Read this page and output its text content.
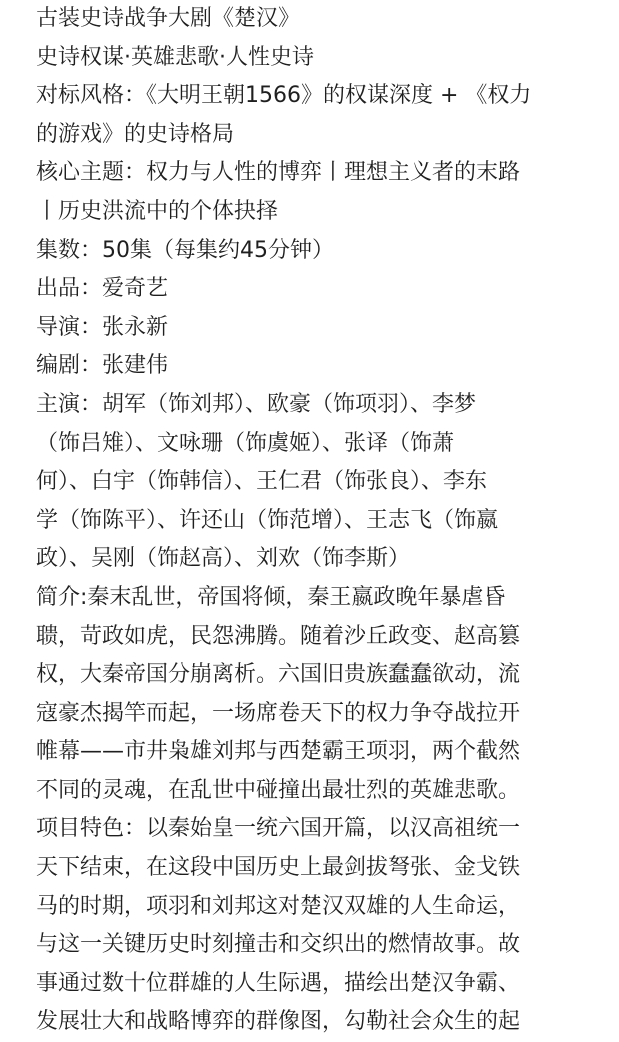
古装史诗战争大剧《楚汉》
史诗权谋·英雄悲歌·人性史诗
对标风格：《大明王朝1566》的权谋深度 + 《权力
的游戏》的史诗格局
核心主题：权力与人性的博弈丨理想主义者的末路
丨历史洪流中的个体抉择
集数：50集（每集约45分钟）
出品：爱奇艺
导演：张永新
编剧：张建伟
主演：胡军（饰刘邦）、欧豪（饰项羽）、李梦
（饰吕雉）、文咏珊（饰虞姬）、张译（饰萧
何）、白宇（饰韩信）、王仁君（饰张良）、李东
学（饰陈平）、许还山（饰范增）、王志飞（饰嬴
政）、吴刚（饰赵高）、刘欢（饰李斯）
简介:秦末乱世，帝国将倾，秦王嬴政晚年暴虐昏
聩，苛政如虎，民怨沸腾。随着沙丘政变、赵高篡
权，大秦帝国分崩离析。六国旧贵族蠢蠢欲动，流
寇豪杰揭竿而起，一场席卷天下的权力争夺战拉开
帷幕——市井枭雄刘邦与西楚霸王项羽，两个截然
不同的灵魂，在乱世中碰撞出最壮烈的英雄悲歌。
项目特色：以秦始皇一统六国开篇，以汉高祖统一
天下结束，在这段中国历史上最剑拔弩张、金戈铁
马的时期，项羽和刘邦这对楚汉双雄的人生命运，
与这一关键历史时刻撞击和交织出的燃情故事。故
事通过数十位群雄的人生际遇，描绘出楚汉争霸、
发展壮大和战略博弈的群像图，勾勒社会众生的起
